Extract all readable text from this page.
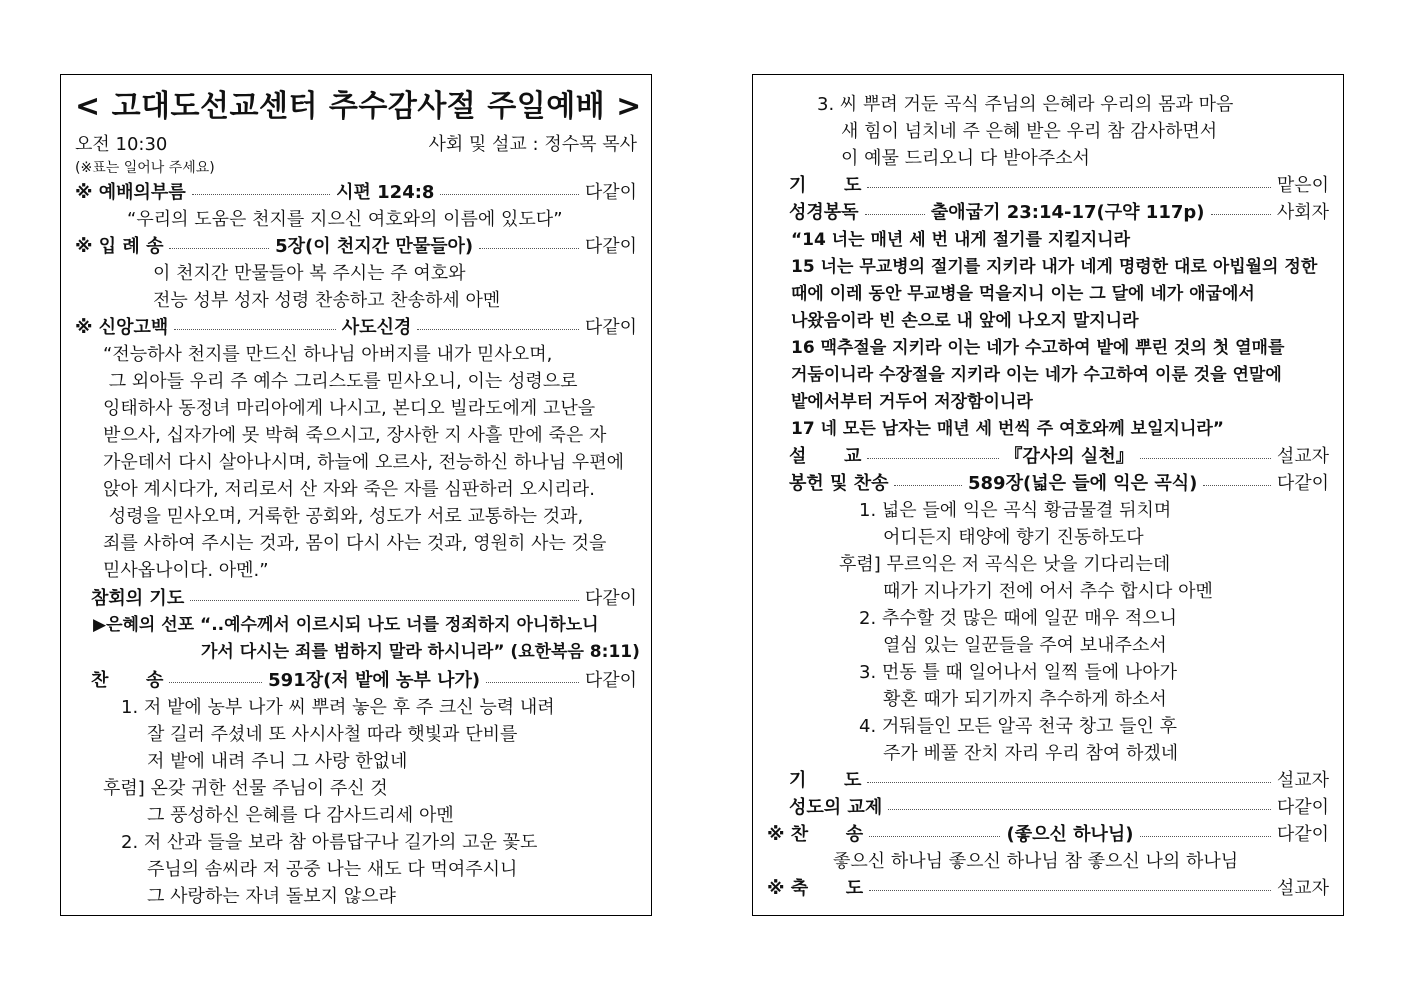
< 고대도선교센터 추수감사절 주일예배 >
오전 10:30	사회 및 설교 : 정수목 목사
(※표는 일어나 주세요)
※ 예배의부름	시편 124:8	다같이
“우리의 도움은 천지를 지으신 여호와의 이름에 있도다”
※ 입 례 송	5장(이 천지간 만물들아)	다같이
이 천지간 만물들아 복 주시는 주 여호와
전능 성부 성자 성령 찬송하고 찬송하세 아멘
※ 신앙고백	사도신경	다같이
“전능하사 천지를 만드신 하나님 아버지를 내가 믿사오며,
그 외아들 우리 주 예수 그리스도를 믿사오니, 이는 성령으로
잉태하사 동정녀 마리아에게 나시고, 본디오 빌라도에게 고난을
받으사, 십자가에 못 박혀 죽으시고, 장사한 지 사흘 만에 죽은 자
가운데서 다시 살아나시며, 하늘에 오르사, 전능하신 하나님 우편에
앉아 계시다가, 저리로서 산 자와 죽은 자를 심판하러 오시리라.
성령을 믿사오며, 거룩한 공회와, 성도가 서로 교통하는 것과,
죄를 사하여 주시는 것과, 몸이 다시 사는 것과, 영원히 사는 것을
믿사옵나이다. 아멘.”
참회의 기도	다같이
▶은혜의 선포 “..예수께서 이르시되 나도 너를 정죄하지 아니하노니
가서 다시는 죄를 범하지 말라 하시니라” (요한복음 8:11)
찬      송	591장(저 밭에 농부 나가)	다같이
1. 저 밭에 농부 나가 씨 뿌려 놓은 후 주 크신 능력 내려
잘 길러 주셨네 또 사시사철 따라 햇빛과 단비를
저 밭에 내려 주니 그 사랑 한없네
후렴] 온갖 귀한 선물 주님이 주신 것
그 풍성하신 은혜를 다 감사드리세 아멘
2. 저 산과 들을 보라 참 아름답구나 길가의 고운 꽃도
주님의 솜씨라 저 공중 나는 새도 다 먹여주시니
그 사랑하는 자녀 돌보지 않으랴
3. 씨 뿌려 거둔 곡식 주님의 은혜라 우리의 몸과 마음
새 힘이 넘치네 주 은혜 받은 우리 참 감사하면서
이 예물 드리오니 다 받아주소서
기      도	맡은이
성경봉독	출애굽기 23:14-17(구약 117p)	사회자
“14 너는 매년 세 번 내게 절기를 지킬지니라
15 너는 무교병의 절기를 지키라 내가 네게 명령한 대로 아빕월의 정한
때에 이레 동안 무교병을 먹을지니 이는 그 달에 네가 애굽에서
나왔음이라 빈 손으로 내 앞에 나오지 말지니라
16 맥추절을 지키라 이는 네가 수고하여 밭에 뿌린 것의 첫 열매를
거둠이니라 수장절을 지키라 이는 네가 수고하여 이룬 것을 연말에
밭에서부터 거두어 저장함이니라
17 네 모든 남자는 매년 세 번씩 주 여호와께 보일지니라”
설      교	『감사의 실천』	설교자
봉헌 및 찬송	589장(넓은 들에 익은 곡식)	다같이
1. 넓은 들에 익은 곡식 황금물결 뒤치며
어디든지 태양에 향기 진동하도다
후렴] 무르익은 저 곡식은 낫을 기다리는데
때가 지나가기 전에 어서 추수 합시다 아멘
2. 추수할 것 많은 때에 일꾼 매우 적으니
열심 있는 일꾼들을 주여 보내주소서
3. 먼동 틀 때 일어나서 일찍 들에 나아가
황혼 때가 되기까지 추수하게 하소서
4. 거둬들인 모든 알곡 천국 창고 들인 후
주가 베풀 잔치 자리 우리 참여 하겠네
기      도	설교자
성도의 교제	다같이
※ 찬      송	(좋으신 하나님)	다같이
좋으신 하나님 좋으신 하나님 참 좋으신 나의 하나님
※ 축      도	설교자
